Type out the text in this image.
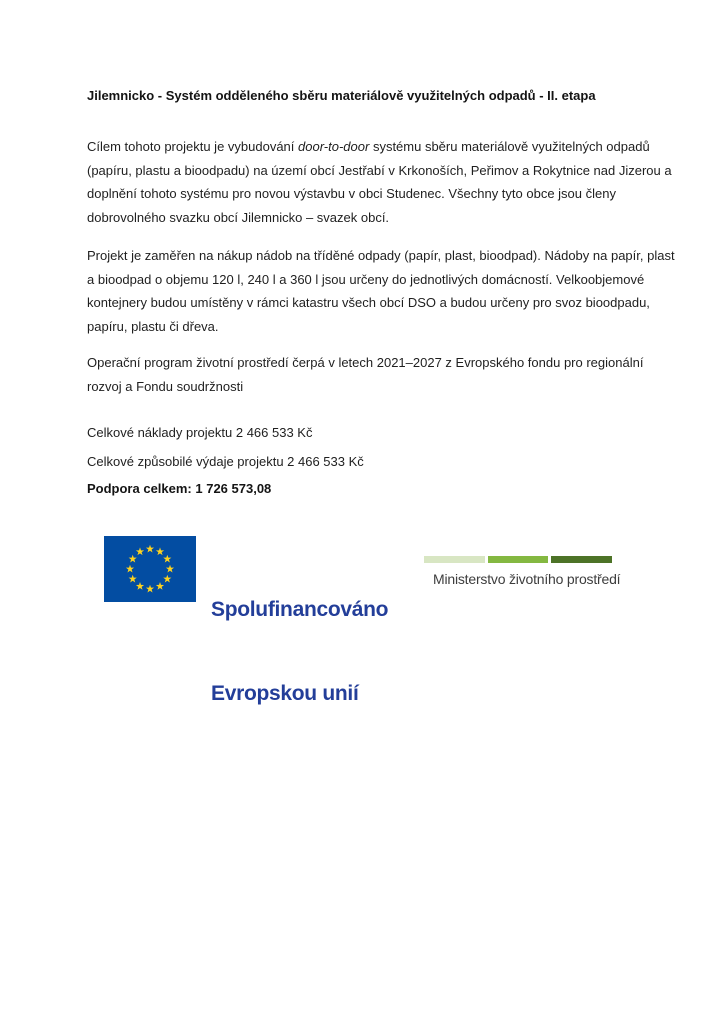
Jilemnicko - Systém odděleného sběru materiálově využitelných odpadů - II. etapa
Cílem tohoto projektu je vybudování door-to-door systému sběru materiálově využitelných odpadů
(papíru, plastu a bioodpadu) na území obcí Jestřabí v Krkonoších, Peřimov a Rokytnice nad Jizerou a
doplnění tohoto systému pro novou výstavbu v obci Studenec. Všechny tyto obce jsou členy
dobrovolného svazku obcí Jilemnicko – svazek obcí.
Projekt je zaměřen na nákup nádob na tříděné odpady (papír, plast, bioodpad). Nádoby na papír, plast
a bioodpad o objemu 120 l, 240 l a 360 l jsou určeny do jednotlivých domácností. Velkoobjemové
kontejnery budou umístěny v rámci katastru všech obcí DSO a budou určeny pro svoz bioodpadu,
papíru, plastu či dřeva.
Operační program životní prostředí čerpá v letech 2021–2027 z Evropského fondu pro regionální
rozvoj a Fondu soudržnosti
Celkové náklady projektu 2 466 533 Kč
Celkové způsobilé výdaje projektu 2 466 533 Kč
Podpora celkem: 1 726 573,08

Spolufinancováno

Evropskou unií

Ministerstvo životního prostředí
